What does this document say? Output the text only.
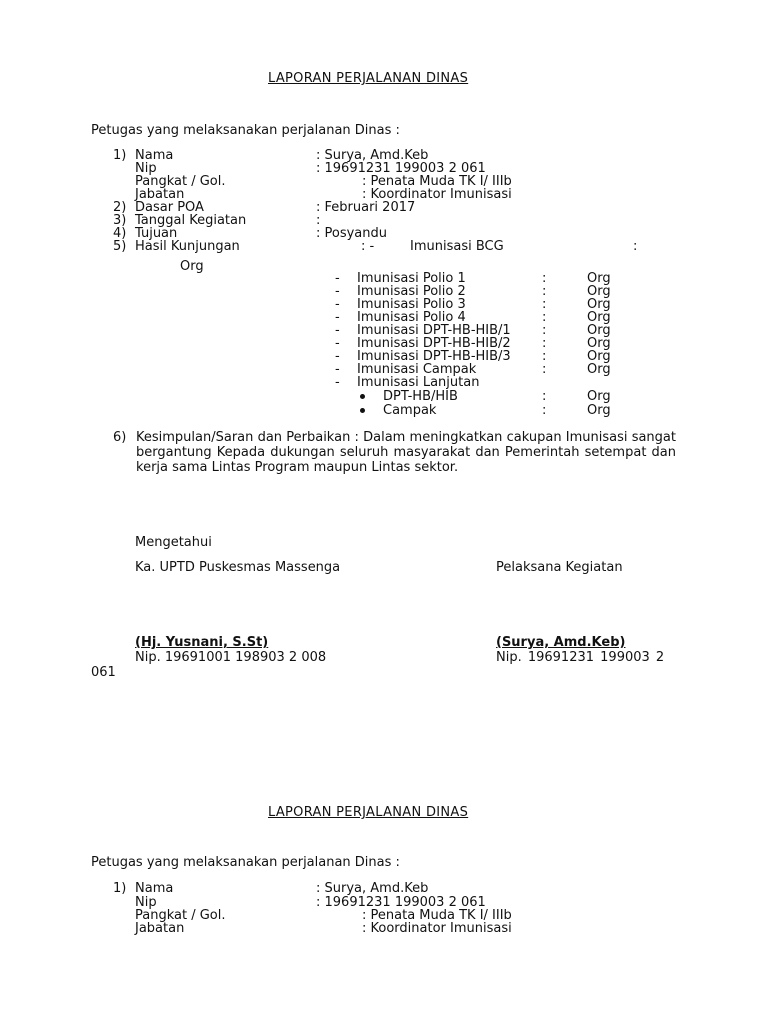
LAPORAN PERJALANAN DINAS
Petugas yang melaksanakan perjalanan Dinas :
1) Nama	: Surya, Amd.Keb
Nip	: 19691231 199003 2 061
Pangkat / Gol.	: Penata Muda TK I/ IIIb
Jabatan	: Koordinator Imunisasi
2) Dasar POA	: Februari 2017
3) Tanggal Kegiatan	:
4) Tujuan	: Posyandu
5) Hasil Kunjungan	: -	Imunisasi BCG	:
Org
- Imunisasi Polio 1	:	Org
- Imunisasi Polio 2	:	Org
- Imunisasi Polio 3	:	Org
- Imunisasi Polio 4	:	Org
- Imunisasi DPT-HB-HIB/1 :	Org
- Imunisasi DPT-HB-HIB/2 :	Org
- Imunisasi DPT-HB-HIB/3 :	Org
- Imunisasi Campak	:	Org
- Imunisasi Lanjutan
DPT-HB/HIB	:	Org
Campak	:	Org
6) Kesimpulan/Saran dan Perbaikan : Dalam meningkatkan cakupan Imunisasi sangat bergantung Kepada dukungan seluruh masyarakat dan Pemerintah setempat dan kerja sama Lintas Program maupun Lintas sektor.
Mengetahui
Ka. UPTD Puskesmas Massenga	Pelaksana Kegiatan
(Hj. Yusnani, S.St)	(Surya, Amd.Keb)
Nip. 19691001 198903 2 008	Nip. 19691231 199003 2
061
LAPORAN PERJALANAN DINAS
Petugas yang melaksanakan perjalanan Dinas :
1) Nama	: Surya, Amd.Keb
Nip	: 19691231 199003 2 061
Pangkat / Gol.	: Penata Muda TK I/ IIIb
Jabatan	: Koordinator Imunisasi
